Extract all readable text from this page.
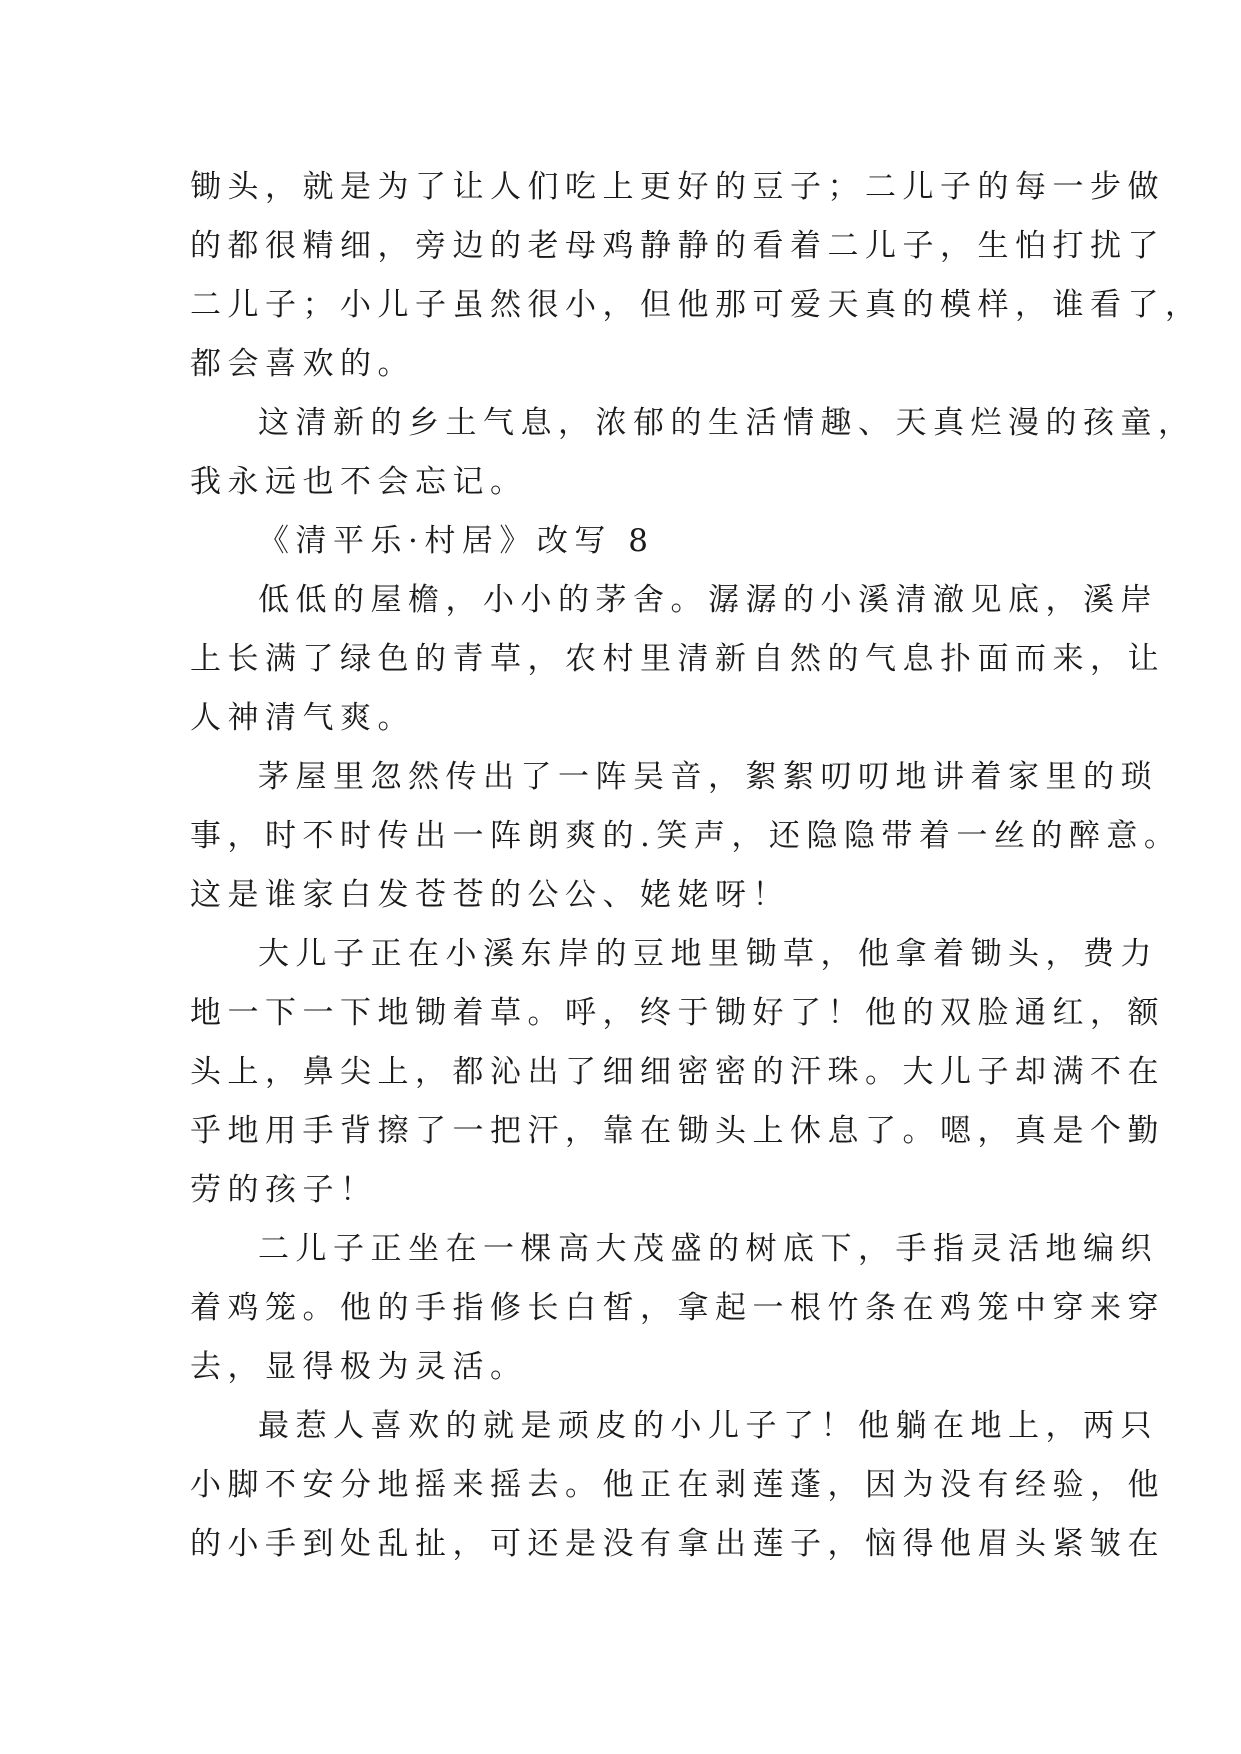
锄头，就是为了让人们吃上更好的豆子；二儿子的每一步做
的都很精细，旁边的老母鸡静静的看着二儿子，生怕打扰了
二儿子；小儿子虽然很小，但他那可爱天真的模样，谁看了，
都会喜欢的。
这清新的乡土气息，浓郁的生活情趣、天真烂漫的孩童，
我永远也不会忘记。
《清平乐·村居》改写 8
低低的屋檐，小小的茅舍。潺潺的小溪清澈见底，溪岸
上长满了绿色的青草，农村里清新自然的气息扑面而来，让
人神清气爽。
茅屋里忽然传出了一阵吴音，絮絮叨叨地讲着家里的琐
事，时不时传出一阵朗爽的.笑声，还隐隐带着一丝的醉意。
这是谁家白发苍苍的公公、姥姥呀！
大儿子正在小溪东岸的豆地里锄草，他拿着锄头，费力
地一下一下地锄着草。呼，终于锄好了！他的双脸通红，额
头上，鼻尖上，都沁出了细细密密的汗珠。大儿子却满不在
乎地用手背擦了一把汗，靠在锄头上休息了。嗯，真是个勤
劳的孩子！
二儿子正坐在一棵高大茂盛的树底下，手指灵活地编织
着鸡笼。他的手指修长白皙，拿起一根竹条在鸡笼中穿来穿
去，显得极为灵活。
最惹人喜欢的就是顽皮的小儿子了！他躺在地上，两只
小脚不安分地摇来摇去。他正在剥莲蓬，因为没有经验，他
的小手到处乱扯，可还是没有拿出莲子，恼得他眉头紧皱在
